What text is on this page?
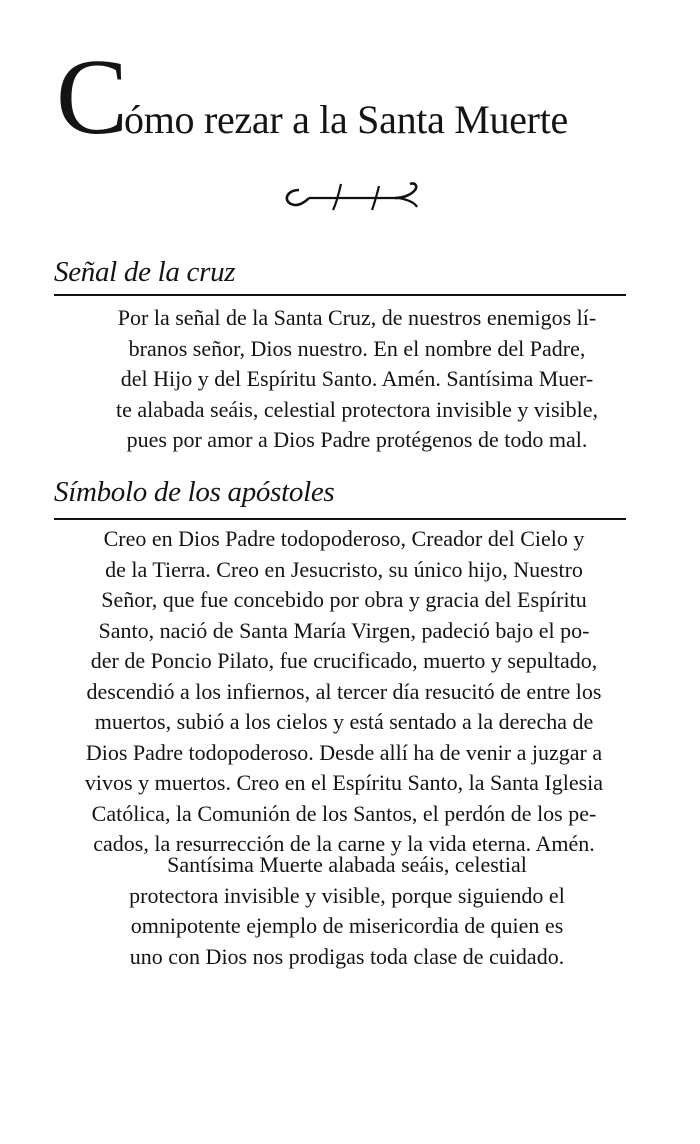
Cómo rezar a la Santa Muerte
Señal de la cruz
Por la señal de la Santa Cruz, de nuestros enemigos lí-
branos señor, Dios nuestro. En el nombre del Padre,
del Hijo y del Espíritu Santo. Amén. Santísima Muer-
te alabada seáis, celestial protectora invisible y visible,
pues por amor a Dios Padre protégenos de todo mal.
Símbolo de los apóstoles
Creo en Dios Padre todopoderoso, Creador del Cielo y
de la Tierra. Creo en Jesucristo, su único hijo, Nuestro
Señor, que fue concebido por obra y gracia del Espíritu
Santo, nació de Santa María Virgen, padeció bajo el po-
der de Poncio Pilato, fue crucificado, muerto y sepultado,
descendió a los infiernos, al tercer día resucitó de entre los
muertos, subió a los cielos y está sentado a la derecha de
Dios Padre todopoderoso. Desde allí ha de venir a juzgar a
vivos y muertos. Creo en el Espíritu Santo, la Santa Iglesia
Católica, la Comunión de los Santos, el perdón de los pe-
cados, la resurrección de la carne y la vida eterna. Amén.
Santísima Muerte alabada seáis, celestial
protectora invisible y visible, porque siguiendo el
omnipotente ejemplo de misericordia de quien es
uno con Dios nos prodigas toda clase de cuidado.
